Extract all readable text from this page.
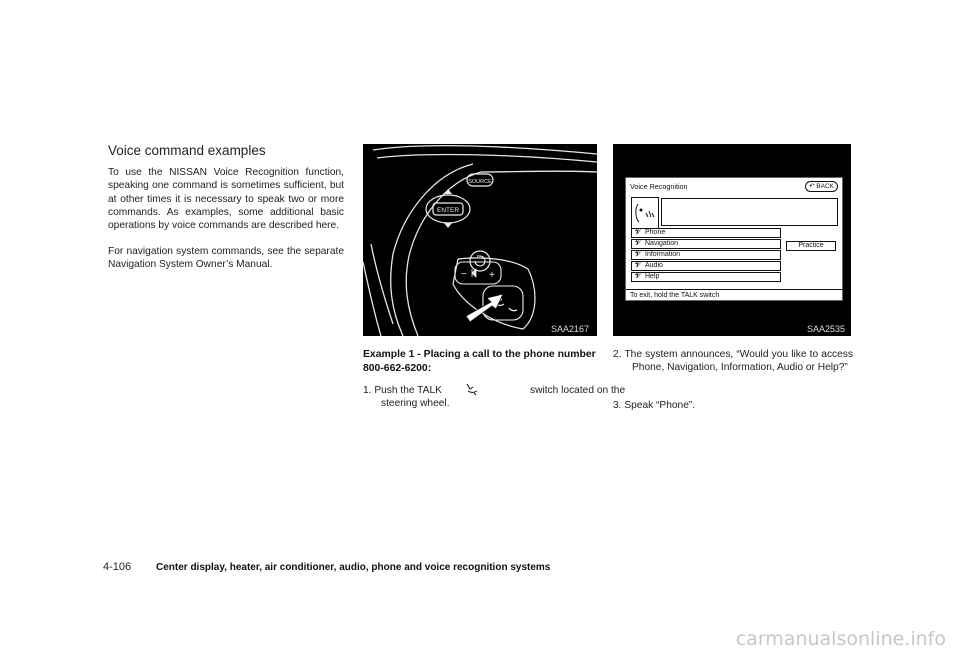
Voice command examples

To use the NISSAN Voice Recognition function, speaking one command is sometimes sufficient, but at other times it is necessary to speak two or more commands. As examples, some additional basic operations by voice commands are described here.

For navigation system commands, see the separate Navigation System Owner’s Manual.

SOURCE
ENTER
− +
SAA2167	SAA2535
Voice Recognition	↶ BACK
𝒱 Phone
𝒱 Navigation
𝒱 Information
𝒱 Audio
𝒱 Help
Practice
To exit, hold the TALK switch
Example 1 - Placing a call to the phone number 800-662-6200:
1. Push the TALK	switch located on the
steering wheel.
2. The system announces, “Would you like to access Phone, Navigation, Information, Audio or Help?”
3. Speak “Phone”.
4-106 Center display, heater, air conditioner, audio, phone and voice recognition systems
carmanualsonline.info
